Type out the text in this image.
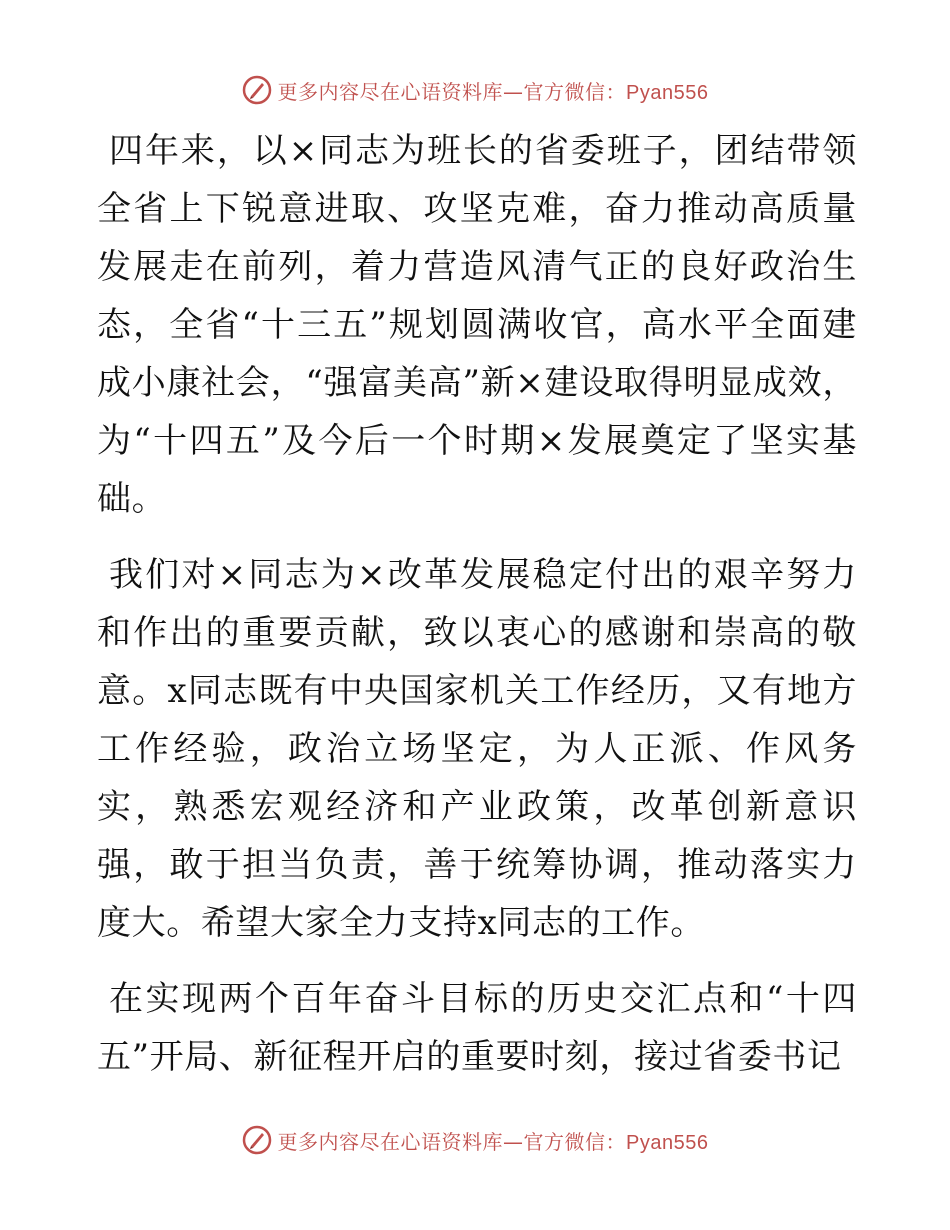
更多内容尽在心语资料库—官方微信：Pyan556

四年来，以×同志为班长的省委班子，团结带领全省上下锐意进取、攻坚克难，奋力推动高质量发展走在前列，着力营造风清气正的良好政治生态，全省“十三五”规划圆满收官，高水平全面建成小康社会，“强富美高”新×建设取得明显成效，为“十四五”及今后一个时期×发展奠定了坚实基础。

我们对×同志为×改革发展稳定付出的艰辛努力和作出的重要贡献，致以衷心的感谢和崇高的敬意。x同志既有中央国家机关工作经历，又有地方工作经验，政治立场坚定，为人正派、作风务实，熟悉宏观经济和产业政策，改革创新意识强，敢于担当负责，善于统筹协调，推动落实力度大。希望大家全力支持x同志的工作。

在实现两个百年奋斗目标的历史交汇点和“十四五”开局、新征程开启的重要时刻，接过省委书记

更多内容尽在心语资料库—官方微信：Pyan556
